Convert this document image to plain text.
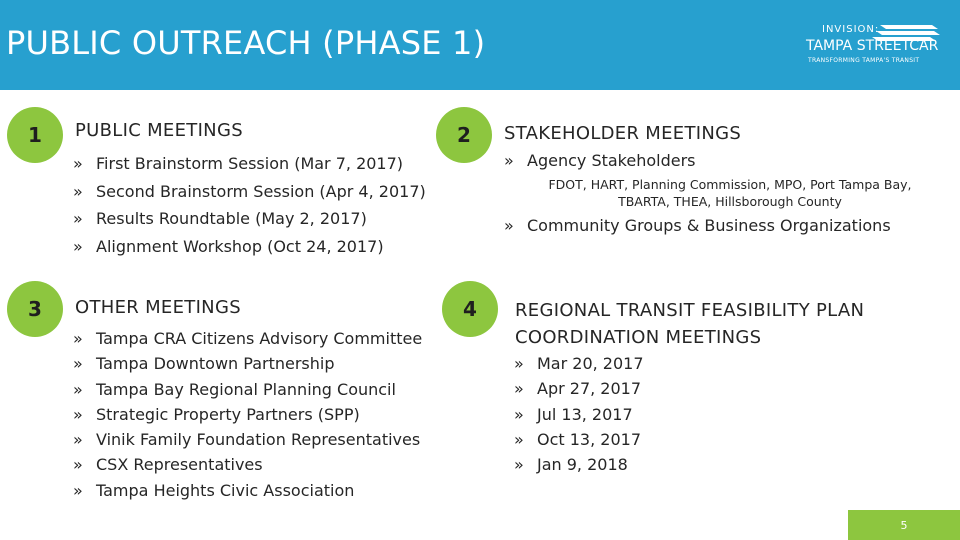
PUBLIC OUTREACH (PHASE 1)	INVISION:
TAMPA STREETCAR
TRANSFORMING TAMPA'S TRANSIT
1	PUBLIC MEETINGS
» First Brainstorm Session (Mar 7, 2017)
» Second Brainstorm Session (Apr 4, 2017)
» Results Roundtable (May 2, 2017)
» Alignment Workshop (Oct 24, 2017)
2	STAKEHOLDER MEETINGS
» Agency Stakeholders
FDOT, HART, Planning Commission, MPO, Port Tampa Bay,
TBARTA, THEA, Hillsborough County
» Community Groups & Business Organizations
3	OTHER MEETINGS
» Tampa CRA Citizens Advisory Committee
» Tampa Downtown Partnership
» Tampa Bay Regional Planning Council
» Strategic Property Partners (SPP)
» Vinik Family Foundation Representatives
» CSX Representatives
» Tampa Heights Civic Association
4	REGIONAL TRANSIT FEASIBILITY PLAN
COORDINATION MEETINGS
» Mar 20, 2017
» Apr 27, 2017
» Jul 13, 2017
» Oct 13, 2017
» Jan 9, 2018
5
